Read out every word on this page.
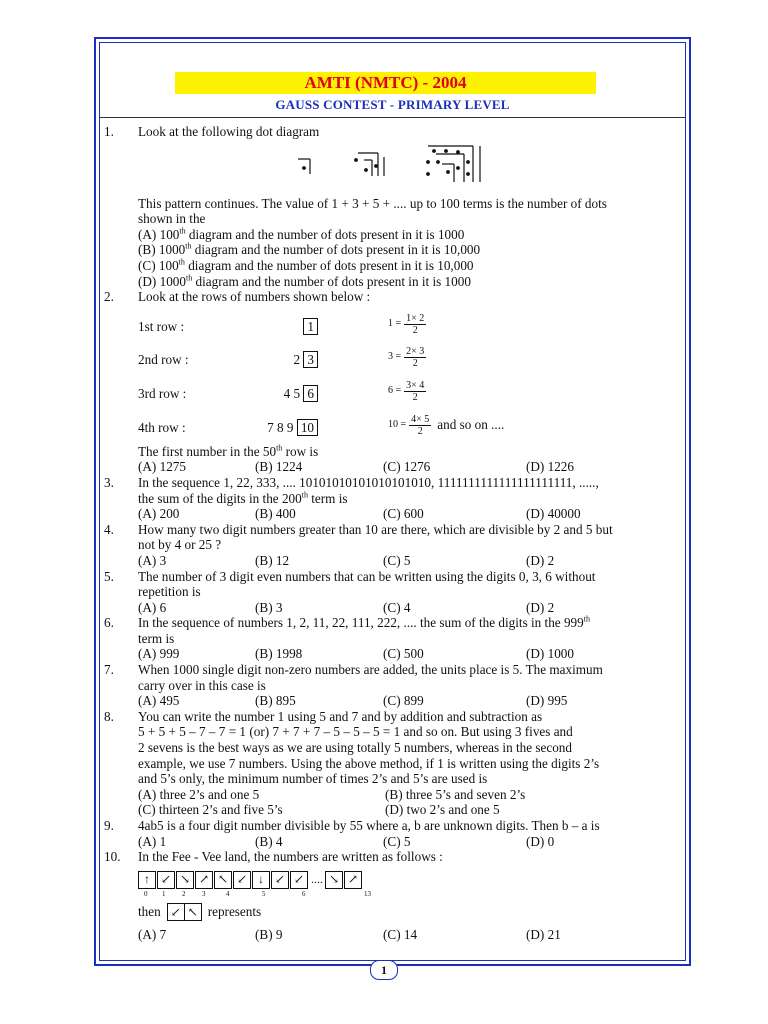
AMTI (NMTC) - 2004
GAUSS CONTEST - PRIMARY LEVEL
1.	Look at the following dot diagram
This pattern continues. The value of 1 + 3 + 5 + .... up to 100 terms is the number of dots
shown in the
(A) 100th diagram and the number of dots present in it is 1000
(B) 1000th diagram and the number of dots present in it is 10,000
(C) 100th diagram and the number of dots present in it is 10,000
(D) 1000th diagram and the number of dots present in it is 1000
2.	Look at the rows of numbers shown below :
1st row :	1	$1 = \frac{1\times 2}{2}$
2nd row :	2 3	$3 = \frac{2\times 3}{2}$
3rd row :	4 5 6	$6 = \frac{3\times 4}{2}$
4th row :	7 8 9 10	$10 = \frac{4\times 5}{2}$ and so on ....
The first number in the 50th row is
(A) 1275	(B) 1224	(C) 1276	(D) 1226
3.	In the sequence 1, 22, 333, .... 10101010101010101010, 1111111111111111111111, .....,
the sum of the digits in the 200th term is
(A) 200	(B) 400	(C) 600	(D) 40000
4.	How many two digit numbers greater than 10 are there, which are divisible by 2 and 5 but
not by 4 or 25 ?
(A) 3	(B) 12	(C) 5	(D) 2
5.	The number of 3 digit even numbers that can be written using the digits 0, 3, 6 without
repetition is
(A) 6	(B) 3	(C) 4	(D) 2
6.	In the sequence of numbers 1, 2, 11, 22, 111, 222, .... the sum of the digits in the 999th
term is
(A) 999	(B) 1998	(C) 500	(D) 1000
7.	When 1000 single digit non-zero numbers are added, the units place is 5. The maximum
carry over in this case is
(A) 495	(B) 895	(C) 899	(D) 995
8.	You can write the number 1 using 5 and 7 and by addition and subtraction as
5 + 5 + 5 – 7 – 7 = 1 (or) 7 + 7 + 7 – 5 – 5 – 5 = 1 and so on. But using 3 fives and
2 sevens is the best ways as we are using totally 5 numbers, whereas in the second
example, we use 7 numbers. Using the above method, if 1 is written using the digits 2’s
and 5’s only, the minimum number of times 2’s and 5’s are used is
(A) three 2’s and one 5	(B) three 5’s and seven 2’s
(C) thirteen 2’s and five 5’s	(D) two 2’s and one 5
9.	4ab5 is a four digit number divisible by 55 where a, b are unknown digits. Then b – a is
(A) 1	(B) 4	(C) 5	(D) 0
10.	In the Fee - Vee land, the numbers are written as follows :
↑ ↙ ↘ ↗ ↖ ↙ ↓ ↙ ↙ .... ↘ ↗
0 1 2 3	4	5	6	13
then ↙ ↖ represents
(A) 7	(B) 9	(C) 14	(D) 21
1
